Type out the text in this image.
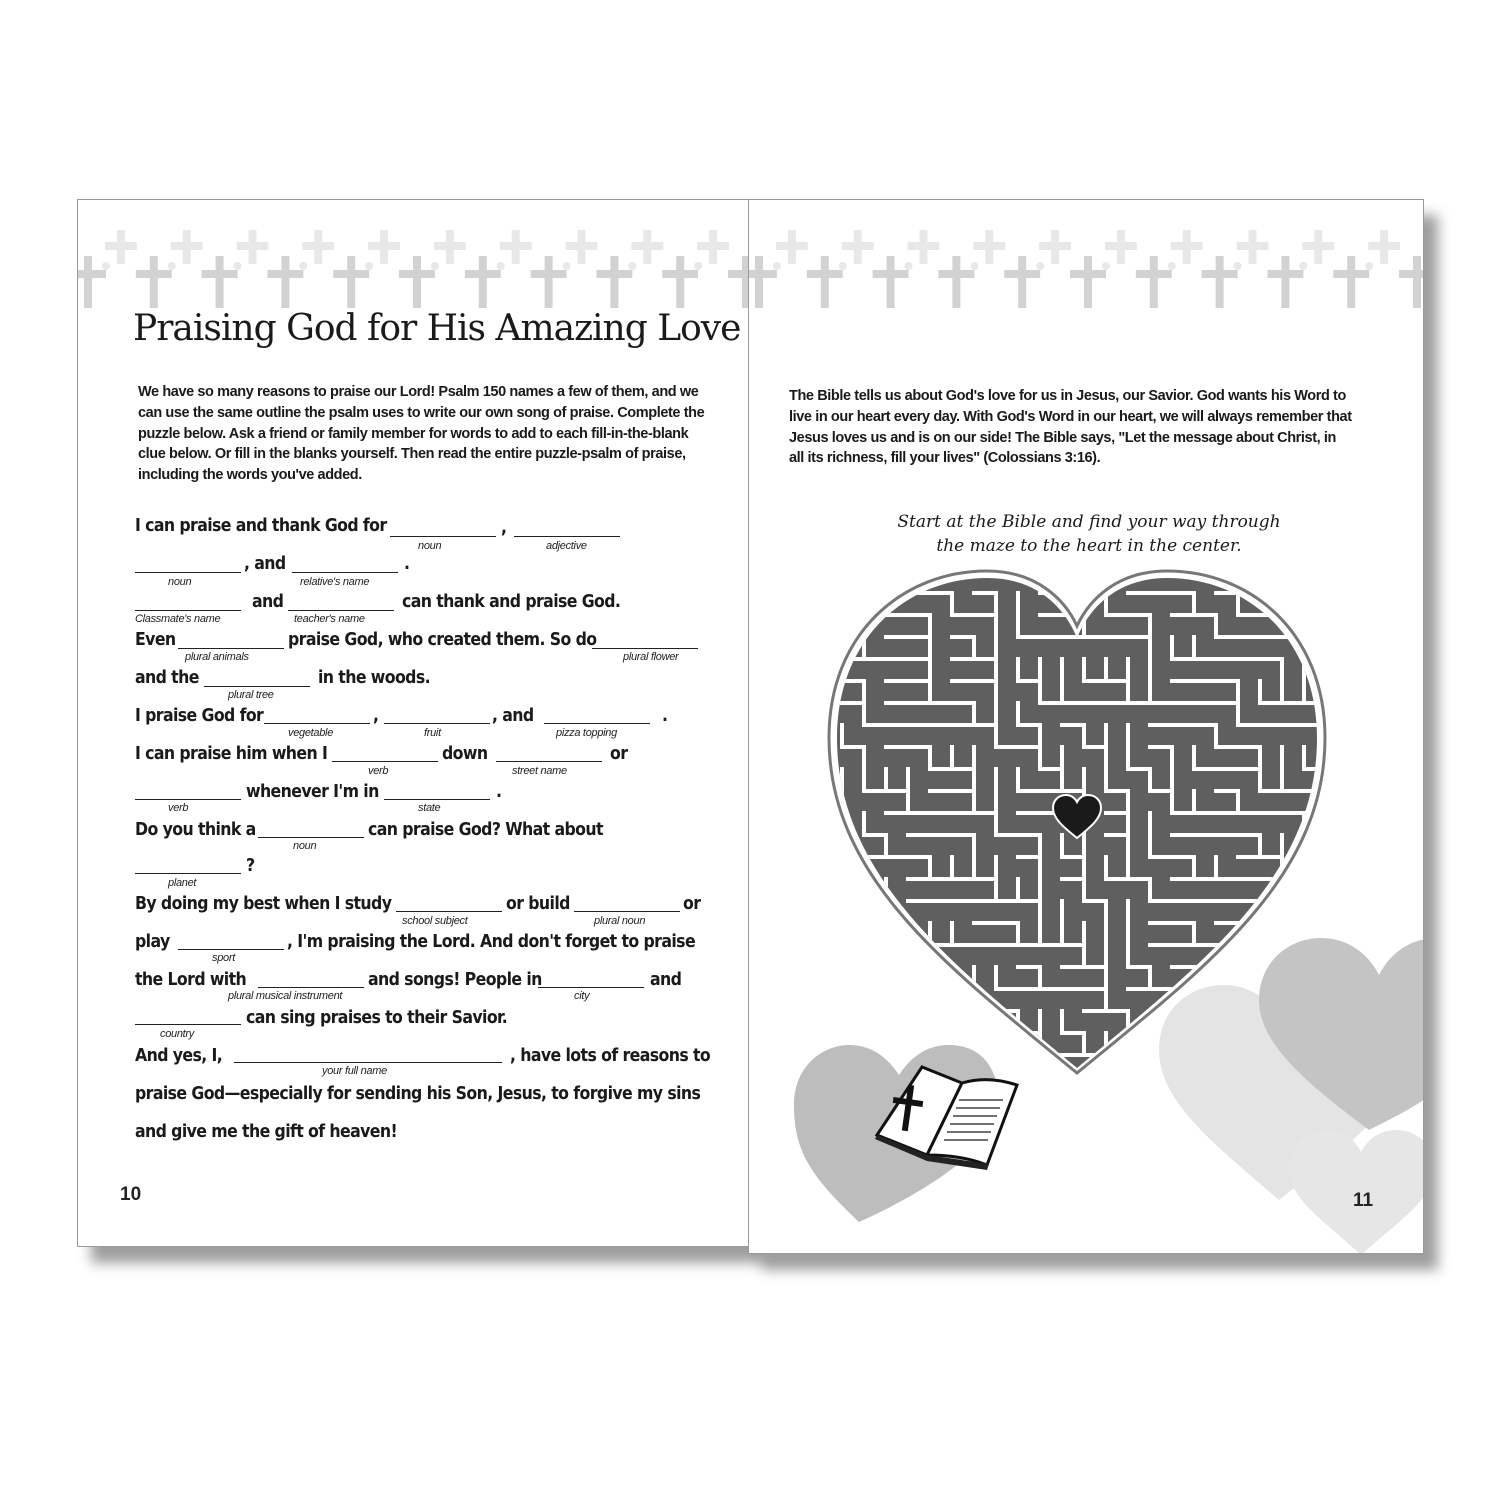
Praising God for His Amazing Love

We have so many reasons to praise our Lord! Psalm 150 names a few of them, and we can use the same outline the psalm uses to write our own song of praise. Complete the puzzle below. Ask a friend or family member for words to add to each fill-in-the-blank clue below. Or fill in the blanks yourself. Then read the entire puzzle-psalm of praise, including the words you've added.

I can praise and thank God for	,
noun	adjective
, and	.
noun	relative's name
and	can thank and praise God.
Classmate's name	teacher's name
Even	praise God, who created them. So do
plural animals	plural flower
and the	in the woods.
plural tree
I praise God for	,	, and	.
vegetable	fruit	pizza topping
I can praise him when I	down	or
verb	street name
whenever I'm in	.
verb	state
Do you think a	can praise God? What about
noun
?
planet
By doing my best when I study	or build	or
school subject	plural noun
play	, I'm praising the Lord. And don't forget to praise
sport
the Lord with	and songs! People in	and
plural musical instrument	city
can sing praises to their Savior.
country
And yes, I,	, have lots of reasons to
your full name
praise God—especially for sending his Son, Jesus, to forgive my sins
and give me the gift of heaven!
10

The Bible tells us about God's love for us in Jesus, our Savior. God wants his Word to live in our heart every day. With God's Word in our heart, we will always remember that Jesus loves us and is on our side! The Bible says, "Let the message about Christ, in all its richness, fill your lives" (Colossians 3:16).

Start at the Bible and find your way through
the maze to the heart in the center.
11
